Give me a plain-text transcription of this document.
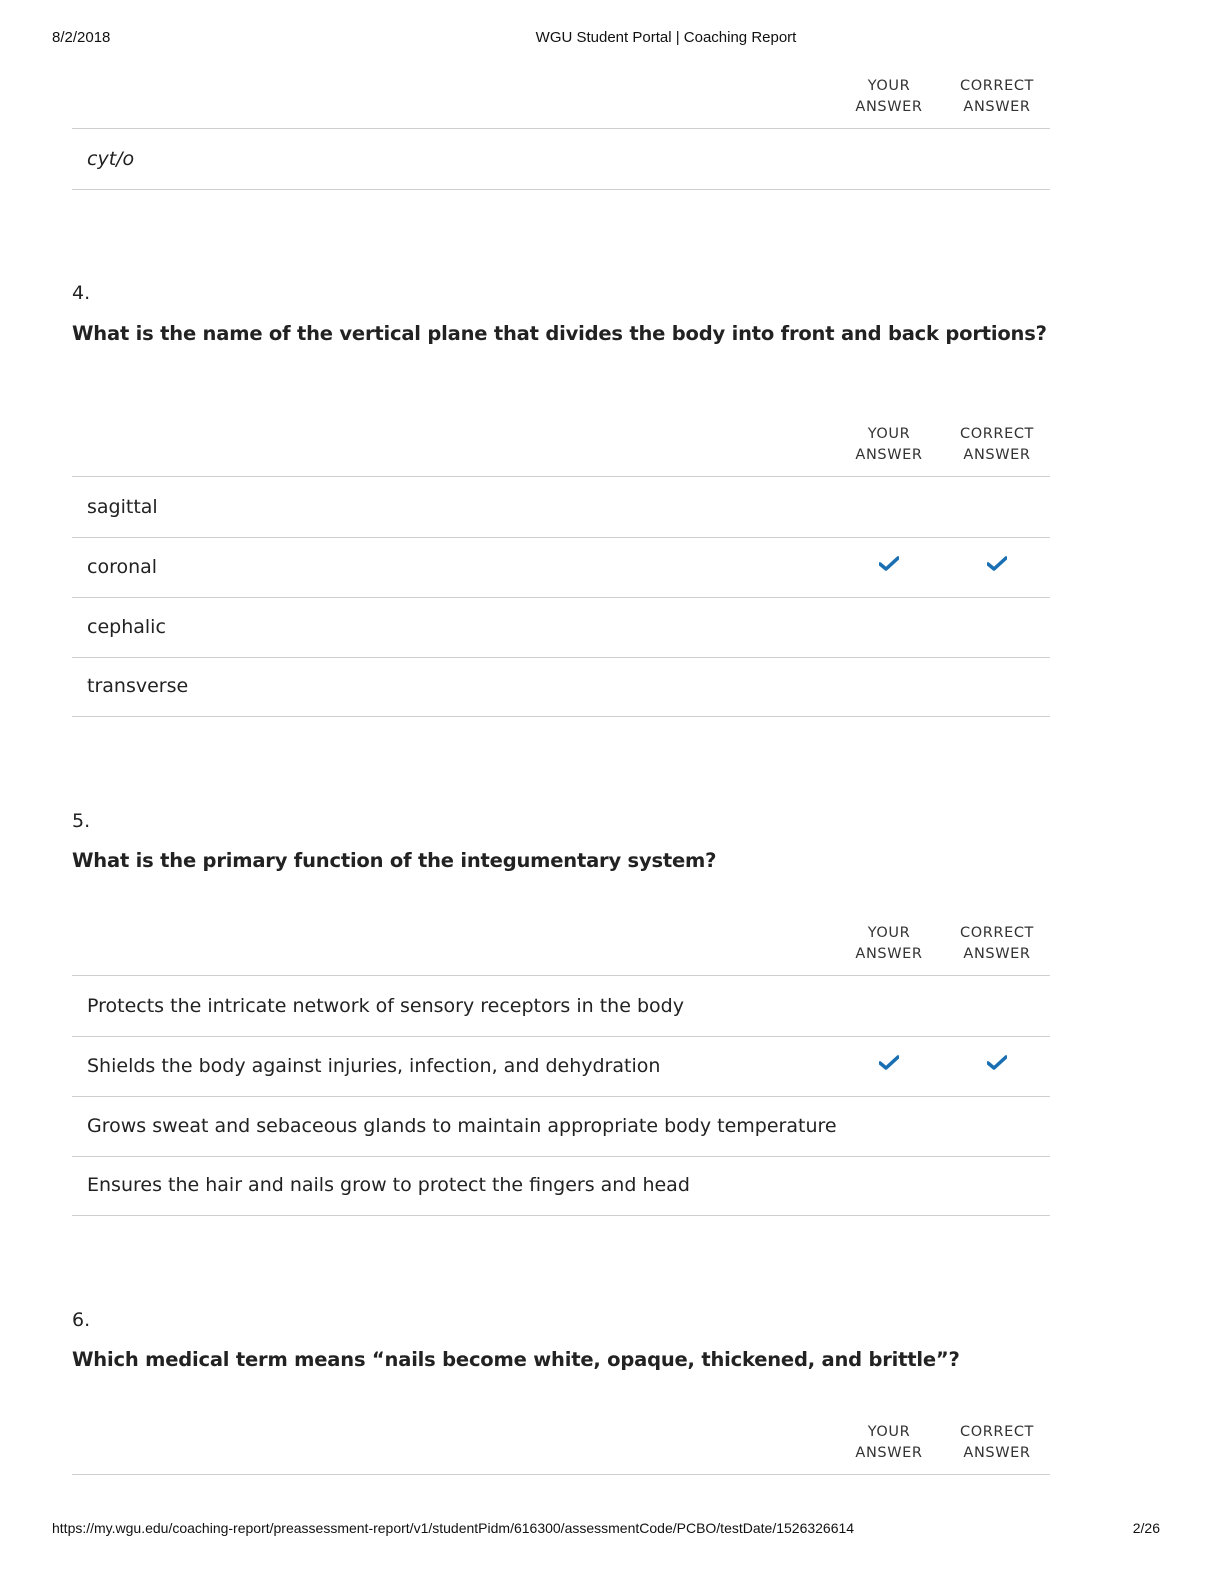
8/2/2018	WGU Student Portal | Coaching Report
YOUR
ANSWER
CORRECT
ANSWER
cyt/o
4.
What is the name of the vertical plane that divides the body into front and back portions?
YOUR
ANSWER
CORRECT
ANSWER
sagittal
coronal
cephalic
transverse
5.
What is the primary function of the integumentary system?
YOUR
ANSWER
CORRECT
ANSWER
Protects the intricate network of sensory receptors in the body
Shields the body against injuries, infection, and dehydration
Grows sweat and sebaceous glands to maintain appropriate body temperature
Ensures the hair and nails grow to protect the fingers and head
6.
Which medical term means “nails become white, opaque, thickened, and brittle”?
YOUR
ANSWER
CORRECT
ANSWER
https://my.wgu.edu/coaching-report/preassessment-report/v1/studentPidm/616300/assessmentCode/PCBO/testDate/1526326614	2/26
